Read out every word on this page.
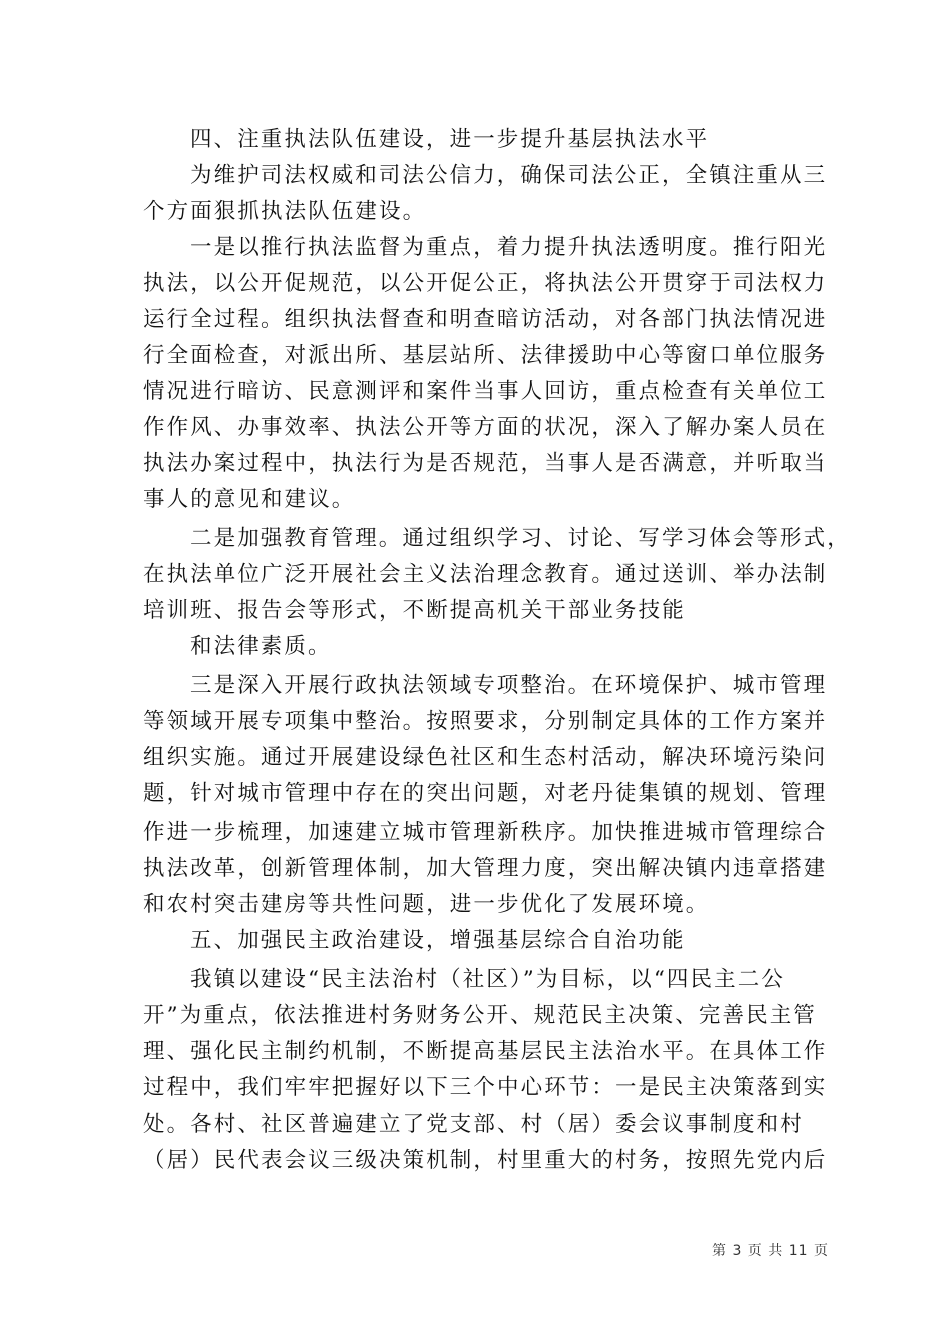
四、注重执法队伍建设，进一步提升基层执法水平
为维护司法权威和司法公信力，确保司法公正，全镇注重从三
个方面狠抓执法队伍建设。
一是以推行执法监督为重点，着力提升执法透明度。推行阳光
执法，以公开促规范，以公开促公正，将执法公开贯穿于司法权力
运行全过程。组织执法督查和明查暗访活动，对各部门执法情况进
行全面检查，对派出所、基层站所、法律援助中心等窗口单位服务
情况进行暗访、民意测评和案件当事人回访，重点检查有关单位工
作作风、办事效率、执法公开等方面的状况，深入了解办案人员在
执法办案过程中，执法行为是否规范，当事人是否满意，并听取当
事人的意见和建议。
二是加强教育管理。通过组织学习、讨论、写学习体会等形式，
在执法单位广泛开展社会主义法治理念教育。通过送训、举办法制
培训班、报告会等形式，不断提高机关干部业务技能
和法律素质。
三是深入开展行政执法领域专项整治。在环境保护、城市管理
等领域开展专项集中整治。按照要求，分别制定具体的工作方案并
组织实施。通过开展建设绿色社区和生态村活动，解决环境污染问
题，针对城市管理中存在的突出问题，对老丹徒集镇的规划、管理
作进一步梳理，加速建立城市管理新秩序。加快推进城市管理综合
执法改革，创新管理体制，加大管理力度，突出解决镇内违章搭建
和农村突击建房等共性问题，进一步优化了发展环境。
五、加强民主政治建设，增强基层综合自治功能
我镇以建设“民主法治村（社区）”为目标，以“四民主二公
开”为重点，依法推进村务财务公开、规范民主决策、完善民主管
理、强化民主制约机制，不断提高基层民主法治水平。在具体工作
过程中，我们牢牢把握好以下三个中心环节：一是民主决策落到实
处。各村、社区普遍建立了党支部、村（居）委会议事制度和村
（居）民代表会议三级决策机制，村里重大的村务，按照先党内后
第 3 页 共 11 页
